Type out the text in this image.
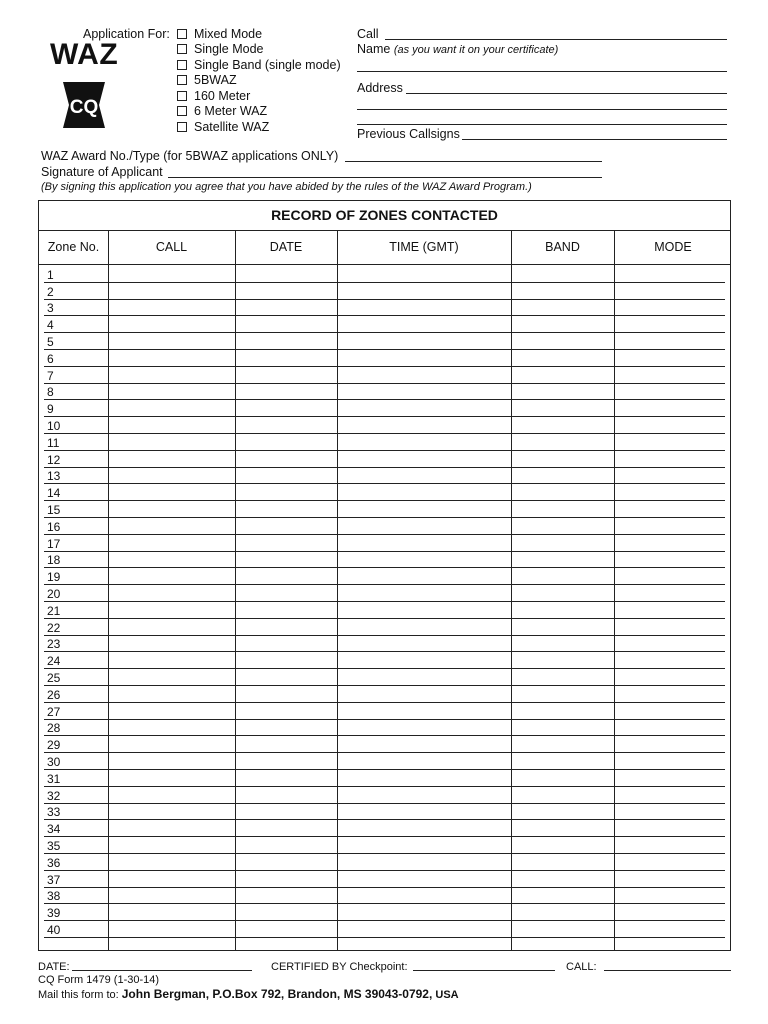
WAZ
CQ
Application For:	Mixed Mode
Single Mode
Single Band (single mode)
5BWAZ
160 Meter
6 Meter WAZ
Satellite WAZ
Call
Name (as you want it on your certificate)
Address
Previous Callsigns
WAZ Award No./Type (for 5BWAZ applications ONLY)
Signature of Applicant
(By signing this application you agree that you have abided by the rules of the WAZ Award Program.)
RECORD OF ZONES CONTACTED
Zone No.	CALL	DATE	TIME (GMT)	BAND	MODE
1
2
3
4
5
6
7
8
9
10
11
12
13
14
15
16
17
18
19
20
21
22
23
24
25
26
27
28
29
30
31
32
33
34
35
36
37
38
39
40
DATE:	CERTIFIED BY Checkpoint:	CALL:
CQ Form 1479 (1-30-14)
Mail this form to: John Bergman, P.O.Box 792, Brandon, MS 39043-0792, USA
